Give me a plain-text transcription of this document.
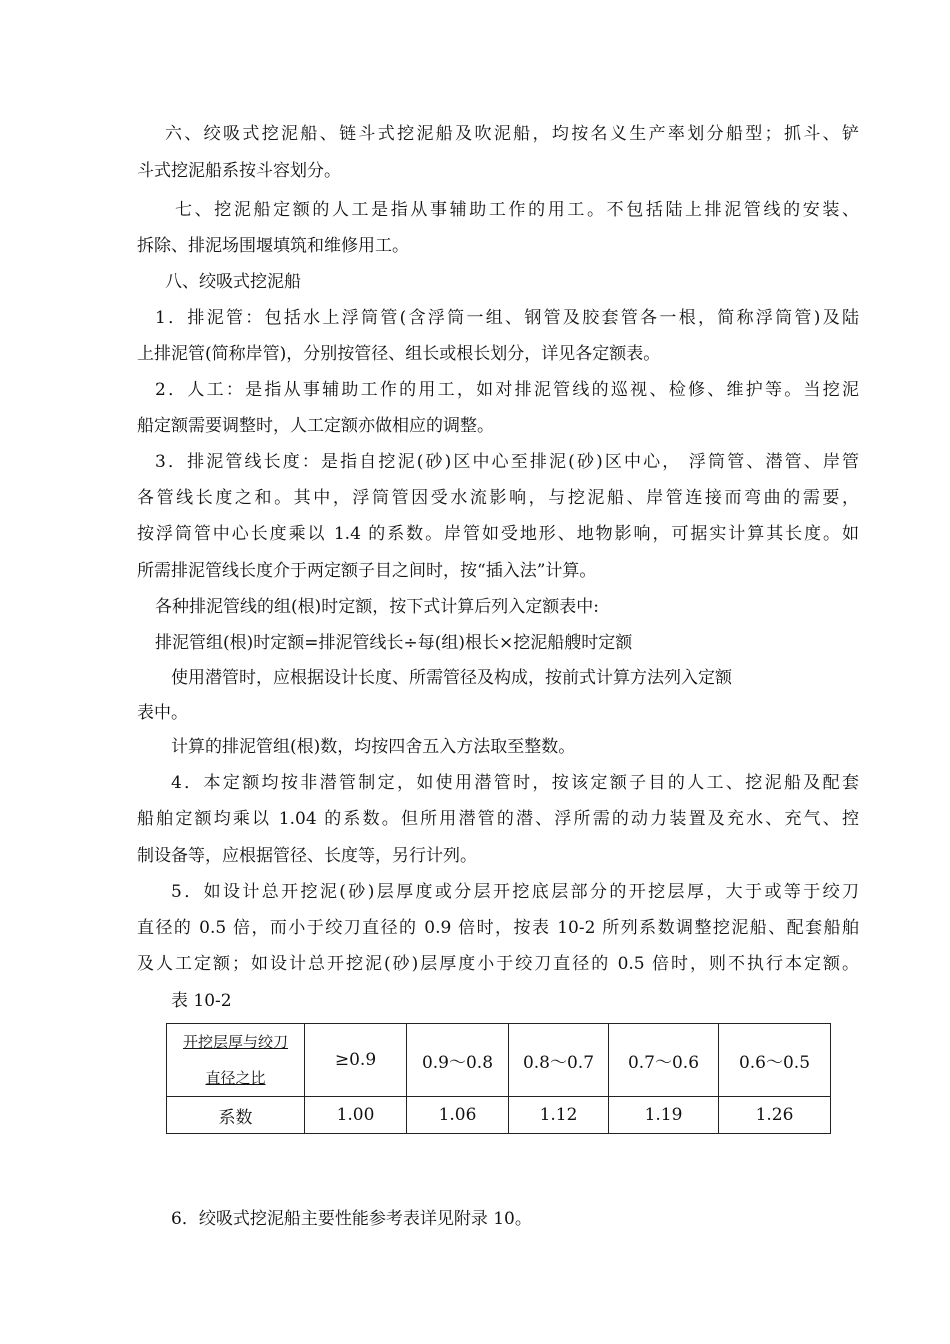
六、绞吸式挖泥船、链斗式挖泥船及吹泥船，均按名义生产率划分船型；抓斗、铲
斗式挖泥船系按斗容划分。
七、挖泥船定额的人工是指从事辅助工作的用工。不包括陆上排泥管线的安装、
拆除、排泥场围堰填筑和维修用工。
八、绞吸式挖泥船
1．排泥管：包括水上浮筒管(含浮筒一组、钢管及胶套管各一根，简称浮筒管)及陆
上排泥管(简称岸管)，分别按管径、组长或根长划分，详见各定额表。
2．人工：是指从事辅助工作的用工，如对排泥管线的巡视、检修、维护等。当挖泥
船定额需要调整时，人工定额亦做相应的调整。
3．排泥管线长度：是指自挖泥(砂)区中心至排泥(砂)区中心， 浮筒管、潜管、岸管
各管线长度之和。其中，浮筒管因受水流影响，与挖泥船、岸管连接而弯曲的需要，
按浮筒管中心长度乘以 1.4 的系数。岸管如受地形、地物影响，可据实计算其长度。如
所需排泥管线长度介于两定额子目之间时，按“插入法”计算。
各种排泥管线的组(根)时定额，按下式计算后列入定额表中:
排泥管组(根)时定额=排泥管线长÷每(组)根长×挖泥船艘时定额
使用潜管时，应根据设计长度、所需管径及构成，按前式计算方法列入定额
表中。
计算的排泥管组(根)数，均按四舍五入方法取至整数。
4．本定额均按非潜管制定，如使用潜管时，按该定额子目的人工、挖泥船及配套
船舶定额均乘以 1.04 的系数。但所用潜管的潜、浮所需的动力装置及充水、充气、控
制设备等，应根据管径、长度等，另行计列。
5．如设计总开挖泥(砂)层厚度或分层开挖底层部分的开挖层厚，大于或等于绞刀
直径的 0.5 倍，而小于绞刀直径的 0.9 倍时，按表 10-2 所列系数调整挖泥船、配套船舶
及人工定额；如设计总开挖泥(砂)层厚度小于绞刀直径的 0.5 倍时，则不执行本定额。
表 10-2
开挖层厚与绞刀
直径之比	≥0.9	0.9～0.8	0.8～0.7	0.7～0.6	0.6～0.5
系数	1.00	1.06	1.12	1.19	1.26
6．绞吸式挖泥船主要性能参考表详见附录 10。
